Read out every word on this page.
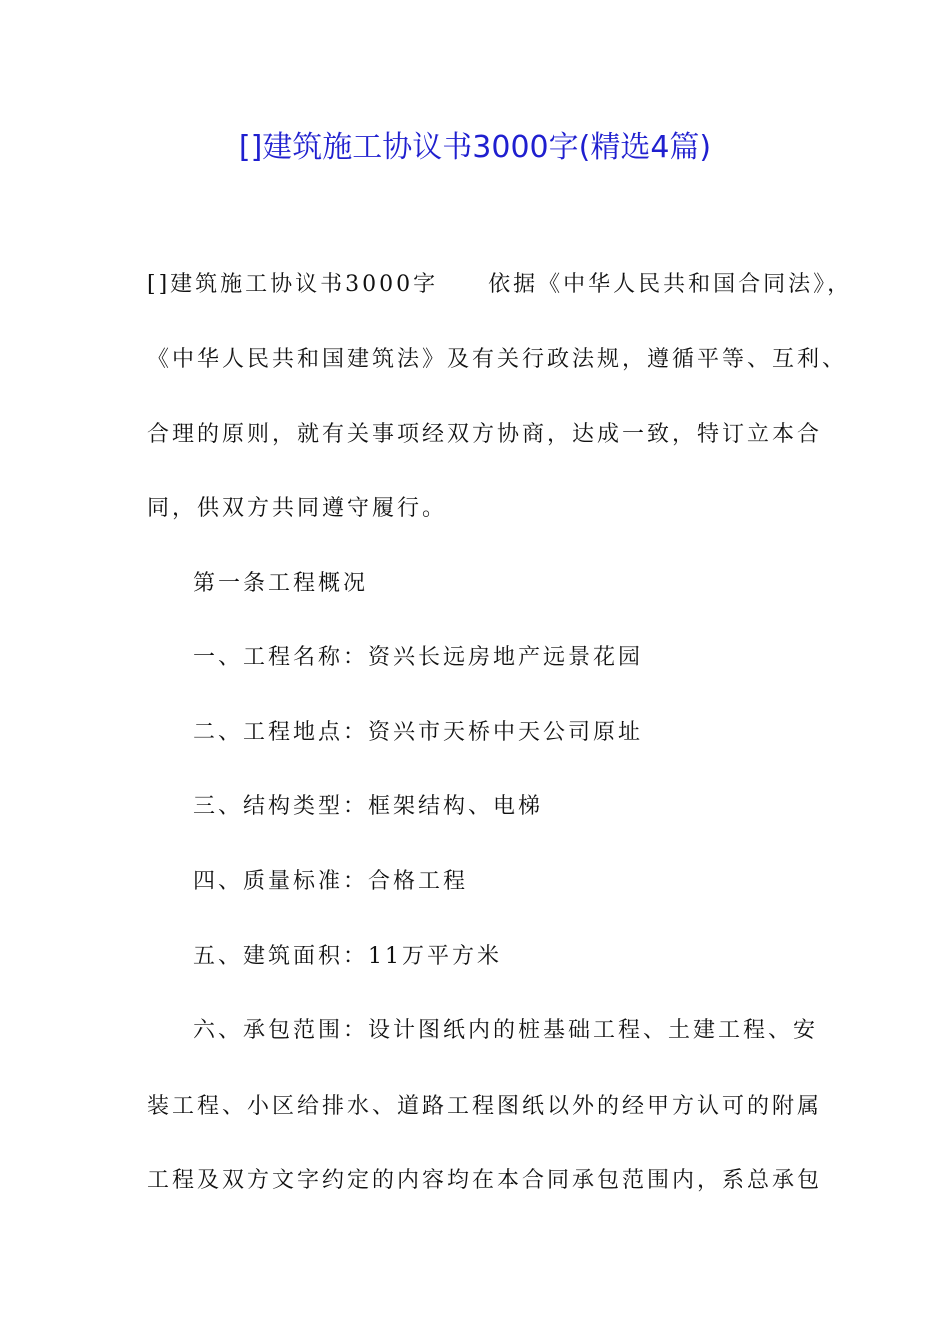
[]建筑施工协议书3000字(精选4篇)
[]建筑施工协议书3000字　　依据《中华人民共和国合同法》，
《中华人民共和国建筑法》及有关行政法规，遵循平等、互利、
合理的原则，就有关事项经双方协商，达成一致，特订立本合
同，供双方共同遵守履行。
第一条工程概况
一、工程名称：资兴长远房地产远景花园
二、工程地点：资兴市天桥中天公司原址
三、结构类型：框架结构、电梯
四、质量标准：合格工程
五、建筑面积：11万平方米
六、承包范围：设计图纸内的桩基础工程、土建工程、安
装工程、小区给排水、道路工程图纸以外的经甲方认可的附属
工程及双方文字约定的内容均在本合同承包范围内，系总承包
